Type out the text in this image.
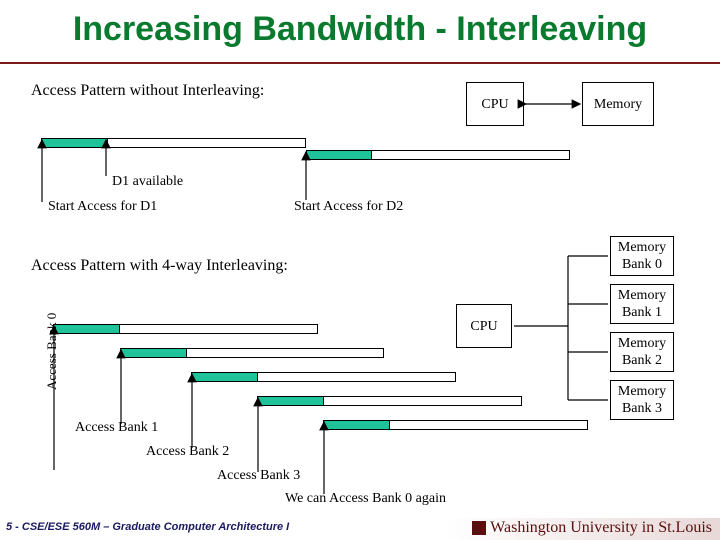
Increasing Bandwidth - Interleaving
Access Pattern without Interleaving:
CPU	Memory
D1 available
Start Access for D1	Start Access for D2
Access Pattern with 4-way Interleaving:
CPU
Memory Bank 0
Memory Bank 1
Memory Bank 2
Memory Bank 3
Access Bank 0
Access Bank 1
Access Bank 2
Access Bank 3
We can Access Bank 0 again
5 - CSE/ESE 560M – Graduate Computer Architecture I	Washington University in St.Louis
